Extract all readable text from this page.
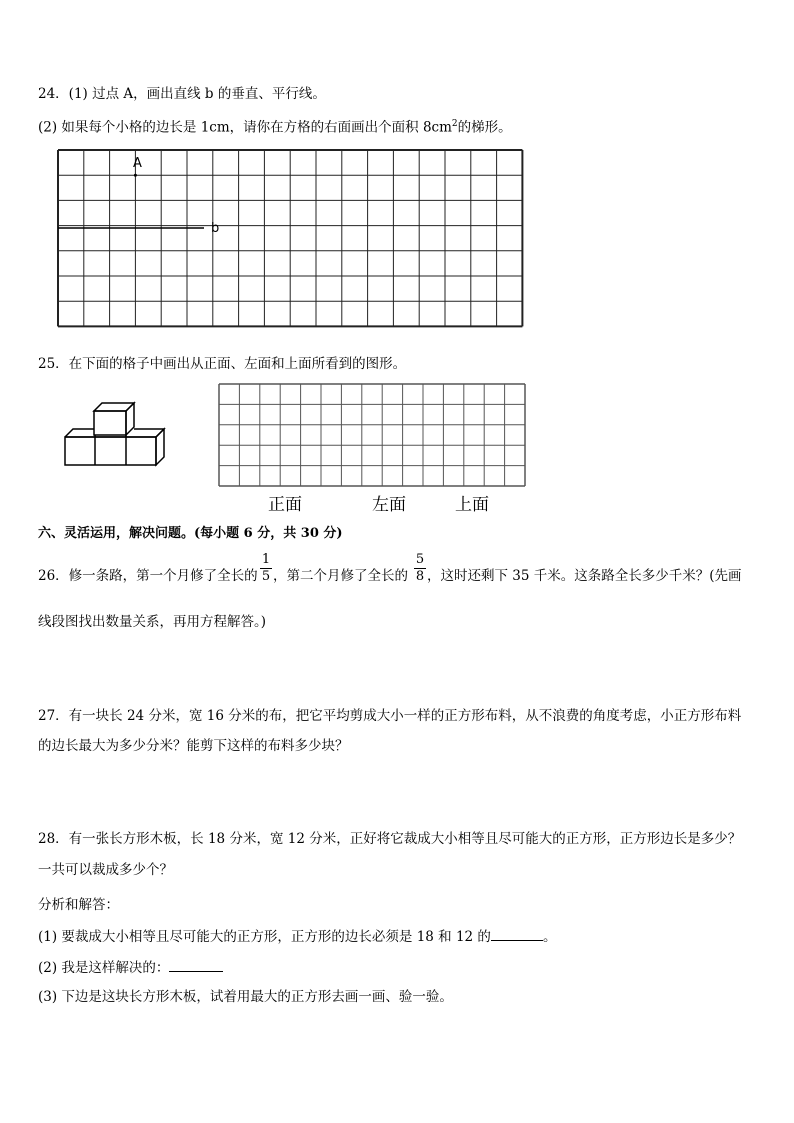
24．(1) 过点 A，画出直线 b 的垂直、平行线。
(2) 如果每个小格的边长是 1cm，请你在方格的右面画出个面积 $8cm^2$的梯形。
A
b
25．在下面的格子中画出从正面、左面和上面所看到的图形。
正面	左面	上面
六、灵活运用，解决问题。(每小题 6 分，共 30 分)
26．修一条路，第一个月修了全长的 $\frac{1}{5}$ ，第二个月修了全长的 $\frac{5}{8}$ ，这时还剩下 35 千米。这条路全长多少千米？(先画
线段图找出数量关系，再用方程解答。)
27．有一块长 24 分米，宽 16 分米的布，把它平均剪成大小一样的正方形布料，从不浪费的角度考虑，小正方形布料
的边长最大为多少分米？能剪下这样的布料多少块？
28．有一张长方形木板，长 18 分米，宽 12 分米，正好将它裁成大小相等且尽可能大的正方形，正方形边长是多少？
一共可以裁成多少个？
分析和解答：
(1) 要裁成大小相等且尽可能大的正方形，正方形的边长必须是 18 和 12 的	。
(2) 我是这样解决的：
(3) 下边是这块长方形木板，试着用最大的正方形去画一画、验一验。
